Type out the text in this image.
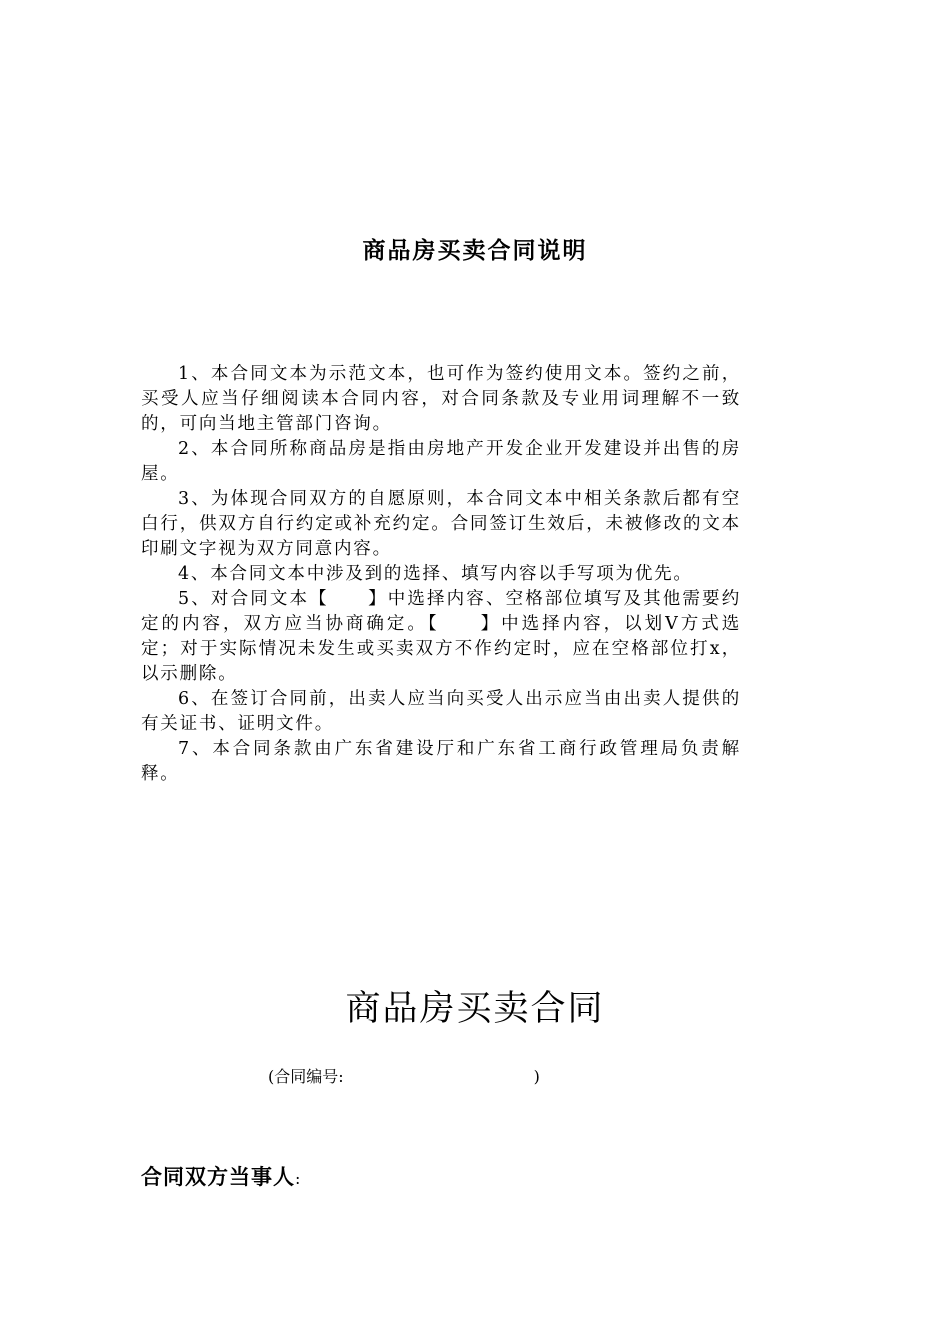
商品房买卖合同说明

1、本合同文本为示范文本，也可作为签约使用文本。签约之前，买受人应当仔细阅读本合同内容，对合同条款及专业用词理解不一致的，可向当地主管部门咨询。

2、本合同所称商品房是指由房地产开发企业开发建设并出售的房屋。

3、为体现合同双方的自愿原则，本合同文本中相关条款后都有空白行，供双方自行约定或补充约定。合同签订生效后，未被修改的文本印刷文字视为双方同意内容。

4、本合同文本中涉及到的选择、填写内容以手写项为优先。

5、对合同文本【　　】中选择内容、空格部位填写及其他需要约定的内容，双方应当协商确定。【　　】中选择内容，以划V方式选定；对于实际情况未发生或买卖双方不作约定时，应在空格部位打x，以示删除。

6、在签订合同前，出卖人应当向买受人出示应当由出卖人提供的有关证书、证明文件。

7、本合同条款由广东省建设厅和广东省工商行政管理局负责解释。

商品房买卖合同
(合同编号:	)
合同双方当事人:
